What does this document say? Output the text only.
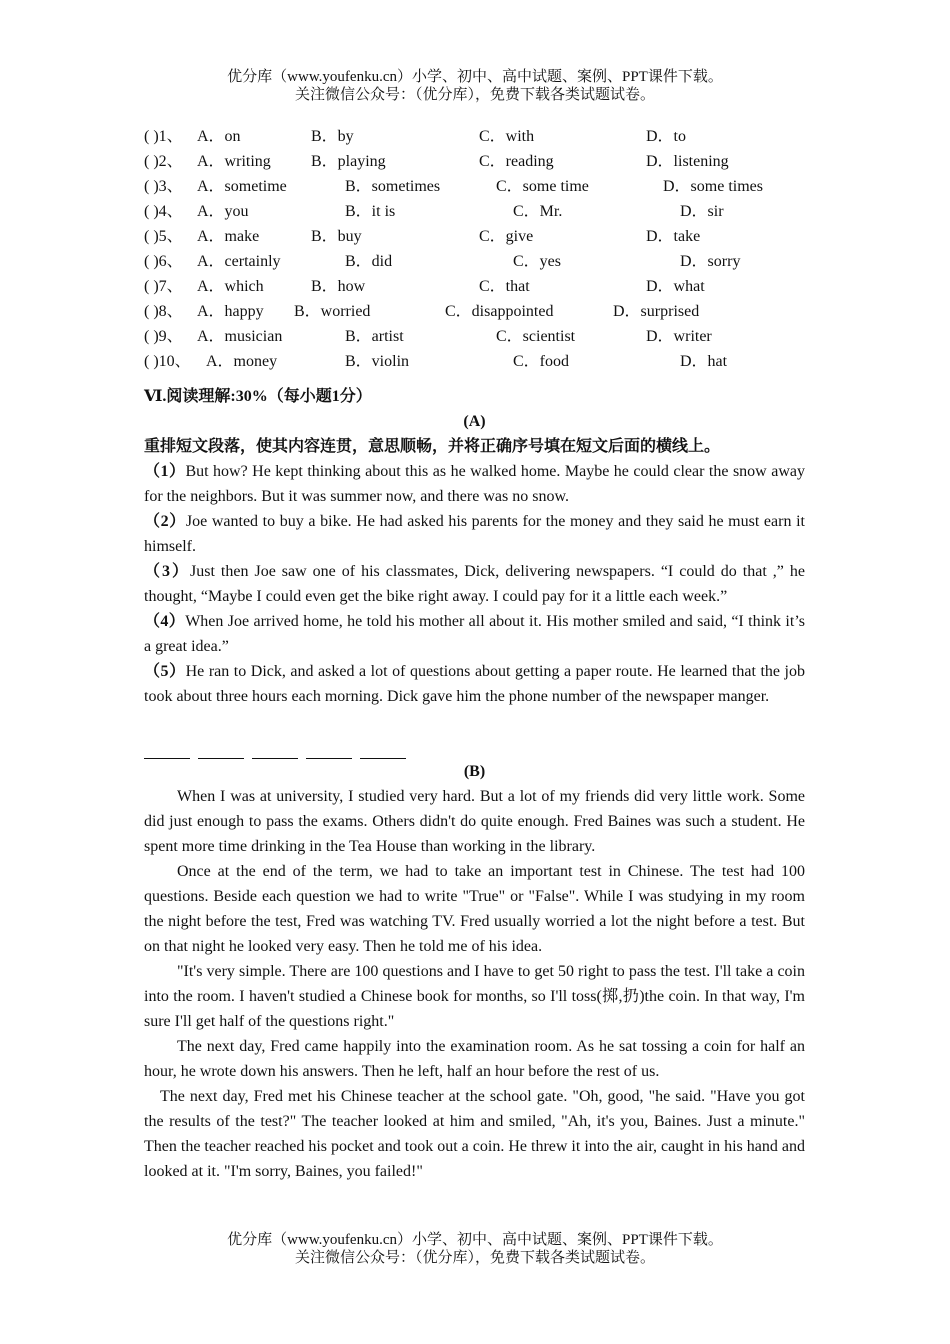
优分库（www.youfenku.cn）小学、初中、高中试题、案例、PPT课件下载。
关注微信公众号：（优分库），免费下载各类试题试卷。
( )1、 A．on	B．by	C．with	D．to
( )2、 A．writing	B．playing	C．reading	D．listening
( )3、 A．sometime	B．sometimes	C．some time	D．some times
( )4、 A．you	B．it is	C．Mr.	D．sir
( )5、 A．make	B．buy	C．give	D．take
( )6、 A．certainly	B．did	C．yes	D．sorry
( )7、 A．which	B．how	C．that	D．what
( )8、 A．happy B．worried	C．disappointed	D．surprised
( )9、 A．musician	B．artist	C．scientist	D．writer
( )10、 A．money	B．violin	C．food	D．hat
Ⅵ.阅读理解:30%（每小题1分）
(A)
重排短文段落，使其内容连贯，意思顺畅，并将正确序号填在短文后面的横线上。
（1）But how? He kept thinking about this as he walked home. Maybe he could clear the snow away for the neighbors. But it was summer now, and there was no snow.
（2）Joe wanted to buy a bike. He had asked his parents for the money and they said he must earn it himself.
（3）Just then Joe saw one of his classmates, Dick, delivering newspapers. “I could do that ,” he thought, “Maybe I could even get the bike right away. I could pay for it a little each week.”
（4）When Joe arrived home, he told his mother all about it. His mother smiled and said, “I think it’s a great idea.”
（5）He ran to Dick, and asked a lot of questions about getting a paper route. He learned that the job took about three hours each morning. Dick gave him the phone number of the newspaper manger.
(B)
When I was at university, I studied very hard. But a lot of my friends did very little work. Some did just enough to pass the exams. Others didn't do quite enough. Fred Baines was such a student. He spent more time drinking in the Tea House than working in the library.
Once at the end of the term, we had to take an important test in Chinese. The test had 100 questions. Beside each question we had to write "True" or "False". While I was studying in my room the night before the test, Fred was watching TV. Fred usually worried a lot the night before a test. But on that night he looked very easy. Then he told me of his idea.
"It's very simple. There are 100 questions and I have to get 50 right to pass the test. I'll take a coin into the room. I haven't studied a Chinese book for months, so I'll toss(掷,扔)the coin. In that way, I'm sure I'll get half of the questions right."
The next day, Fred came happily into the examination room. As he sat tossing a coin for half an hour, he wrote down his answers. Then he left, half an hour before the rest of us.
The next day, Fred met his Chinese teacher at the school gate. "Oh, good, "he said. "Have you got the results of the test?" The teacher looked at him and smiled, "Ah, it's you, Baines. Just a minute." Then the teacher reached his pocket and took out a coin. He threw it into the air, caught in his hand and looked at it. "I'm sorry, Baines, you failed!"
优分库（www.youfenku.cn）小学、初中、高中试题、案例、PPT课件下载。
关注微信公众号：（优分库），免费下载各类试题试卷。
